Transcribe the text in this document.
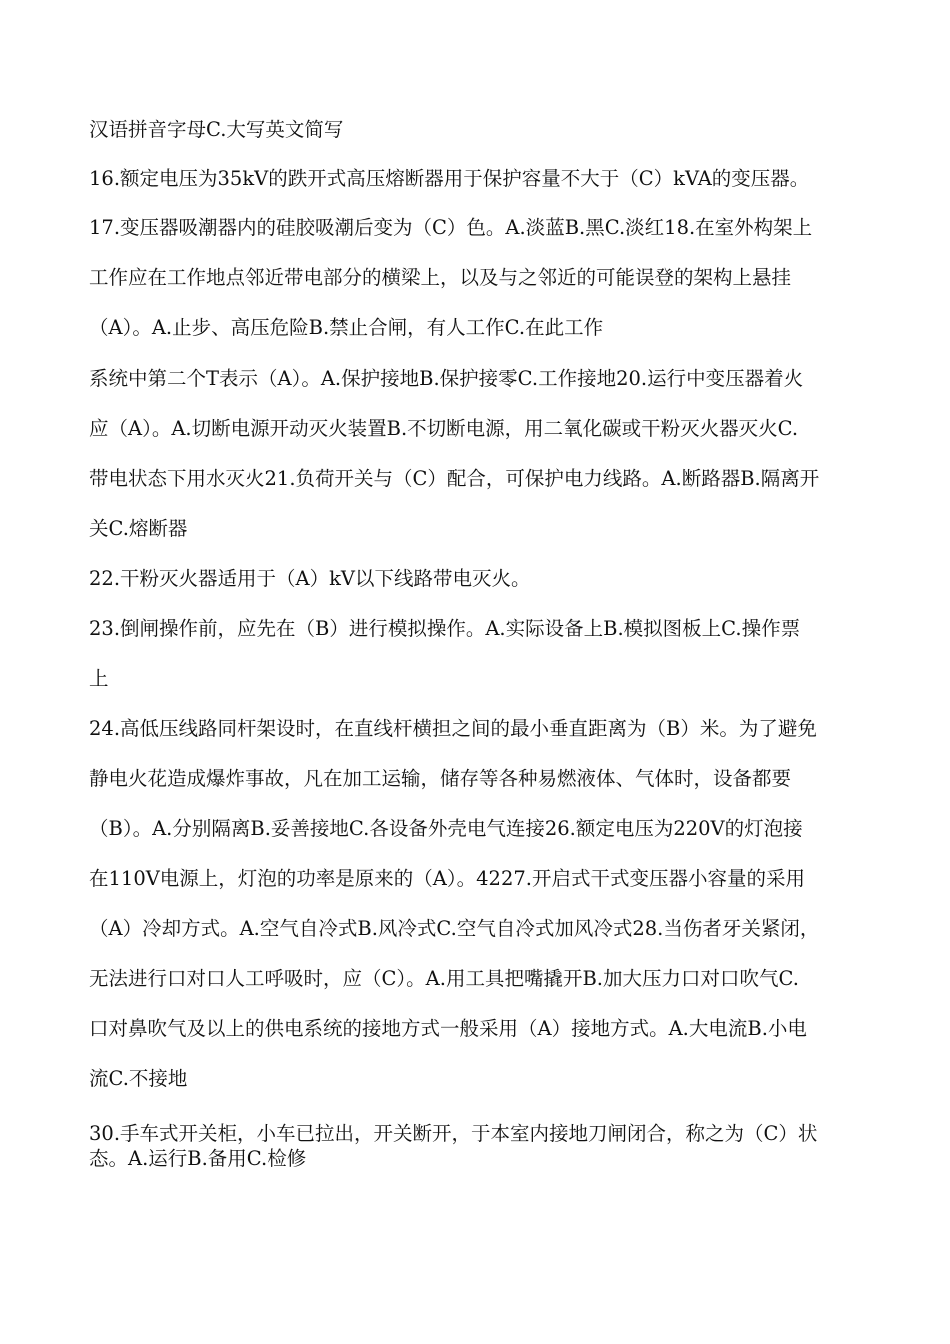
汉语拼音字母C.大写英文简写
16.额定电压为35kV的跌开式高压熔断器用于保护容量不大于（C）kVA的变压器。
17.变压器吸潮器内的硅胶吸潮后变为（C）色。A.淡蓝B.黑C.淡红18.在室外构架上
工作应在工作地点邻近带电部分的横梁上，以及与之邻近的可能误登的架构上悬挂
（A）。A.止步、高压危险B.禁止合闸，有人工作C.在此工作
系统中第二个T表示（A）。A.保护接地B.保护接零C.工作接地20.运行中变压器着火
应（A）。A.切断电源开动灭火装置B.不切断电源，用二氧化碳或干粉灭火器灭火C.
带电状态下用水灭火21.负荷开关与（C）配合，可保护电力线路。A.断路器B.隔离开
关C.熔断器
22.干粉灭火器适用于（A）kV以下线路带电灭火。
23.倒闸操作前，应先在（B）进行模拟操作。A.实际设备上B.模拟图板上C.操作票
上
24.高低压线路同杆架设时，在直线杆横担之间的最小垂直距离为（B）米。为了避免
静电火花造成爆炸事故，凡在加工运输，储存等各种易燃液体、气体时，设备都要
（B）。A.分别隔离B.妥善接地C.各设备外壳电气连接26.额定电压为220V的灯泡接
在110V电源上，灯泡的功率是原来的（A）。4227.开启式干式变压器小容量的采用
（A）冷却方式。A.空气自冷式B.风冷式C.空气自冷式加风冷式28.当伤者牙关紧闭，
无法进行口对口人工呼吸时，应（C）。A.用工具把嘴撬开B.加大压力口对口吹气C.
口对鼻吹气及以上的供电系统的接地方式一般采用（A）接地方式。A.大电流B.小电
流C.不接地
30.手车式开关柜，小车已拉出，开关断开，于本室内接地刀闸闭合，称之为（C）状
态。A.运行B.备用C.检修
